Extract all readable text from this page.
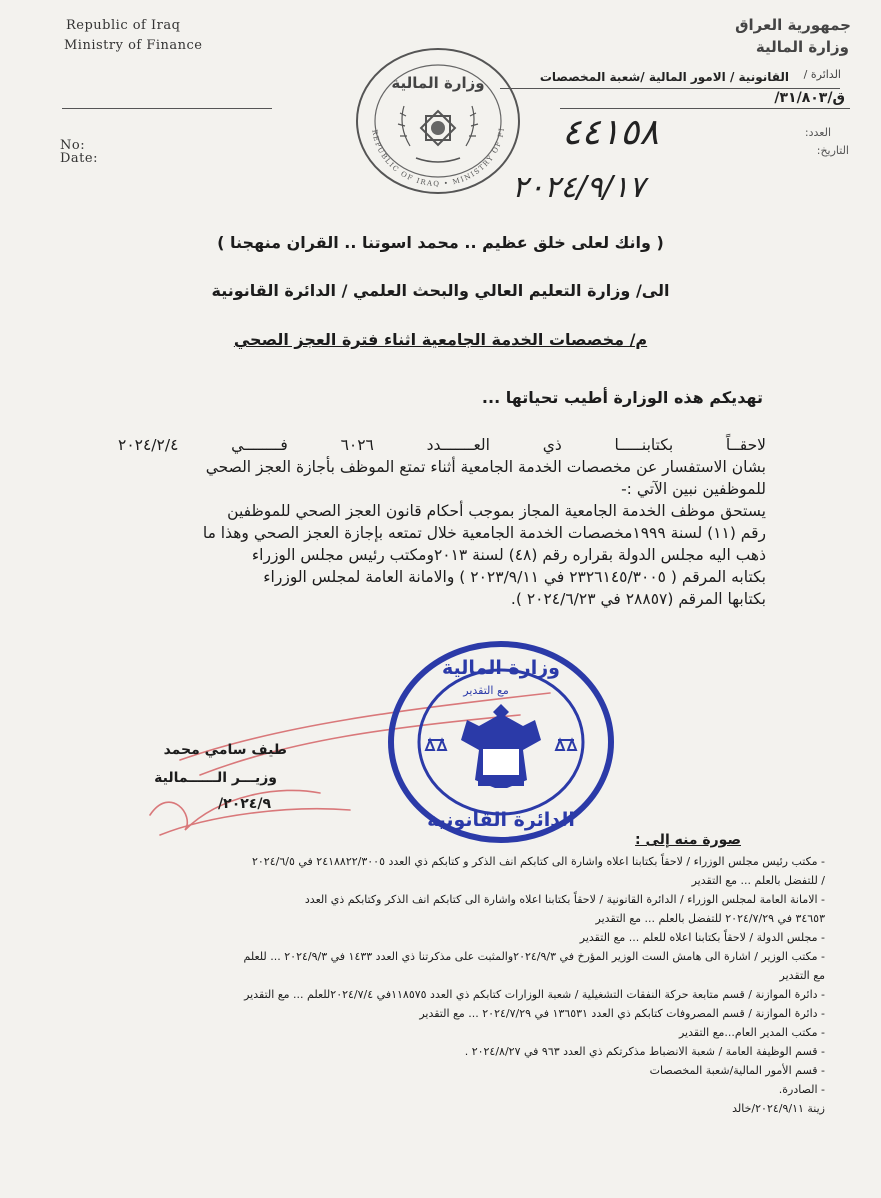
Republic of Iraq
Ministry of Finance
No:
Date:
REPUBLIC OF IRAQ • MINISTRY OF FI
وزارة المالية
جمهورية العراق
وزارة المالية
الدائرة /
القانونية / الامور المالية /شعبة المخصصات
ق/٣١/٨٠٣/
العدد:
التاريخ:
٤٤١٥٨
٢٠٢٤/٩/١٧
( وانك لعلى خلق عظيم .. محمد اسوتنا .. القران منهجنا )
الى/ وزارة التعليم العالي والبحث العلمي / الدائرة القانونية
م/ مخصصات الخدمة الجامعية اثناء فترة العجز الصحي
تهديكم هذه الوزارة أطيب تحياتها ...
لاحقــاً بكتابنـــــا ذي العـــــــدد ٦٠٢٦ فــــــــي ٢٠٢٤/٢/٤
بشان الاستفسار عن مخصصات الخدمة الجامعية أثناء تمتع الموظف بأجازة العجز الصحي
للموظفين نبين الآتي :-
يستحق موظف الخدمة الجامعية المجاز بموجب أحكام قانون العجز الصحي للموظفين
رقم (١١) لسنة ١٩٩٩مخصصات الخدمة الجامعية خلال تمتعه بإجازة العجز الصحي وهذا ما
ذهب اليه مجلس الدولة بقراره رقم (٤٨) لسنة ٢٠١٣ومكتب رئيس مجلس الوزراء
بكتابه المرقم ( ٢٣٢٦١٤٥/٣٠٠٥ في ٢٠٢٣/٩/١١ ) والامانة العامة لمجلس الوزراء
بكتابها المرقم (٢٨٨٥٧ في ٢٠٢٤/٦/٢٣ ).
وزارة المالية
مع التقدير
الدائرة القانونية
طيف سامي محمد
وزيـــر الــــــمالية
٢٠٢٤/٩/
صورة منه إلى :
- مكتب رئيس مجلس الوزراء / لاحقاً بكتابنا اعلاه واشارة الى كتابكم انف الذكر و كتابكم ذي العدد ٢٤١٨٨٢٢/٣٠٠٥ في ٢٠٢٤/٦/٥
/ للتفضل بالعلم ... مع التقدير
- الامانة العامة لمجلس الوزراء / الدائرة القانونية / لاحقاً بكتابنا اعلاه واشارة الى كتابكم انف الذكر وكتابكم ذي العدد
٣٤٦٥٣ في ٢٠٢٤/٧/٢٩ للتفضل بالعلم ... مع التقدير
- مجلس الدولة / لاحقاً بكتابنا اعلاه للعلم ... مع التقدير
- مكتب الوزير / اشارة الى هامش الست الوزير المؤرخ في ٢٠٢٤/٩/٣والمثبت على مذكرتنا ذي العدد ١٤٣٣ في ٢٠٢٤/٩/٣ ... للعلم
مع التقدير
- دائرة الموازنة / قسم متابعة حركة النفقات التشغيلية / شعبة الوزارات كتابكم ذي العدد ١١٨٥٧٥في ٢٠٢٤/٧/٤للعلم ... مع التقدير
- دائرة الموازنة / قسم المصروفات كتابكم ذي العدد ١٣٦٥٣١ في ٢٠٢٤/٧/٢٩ ... مع التقدير
- مكتب المدير العام...مع التقدير
- قسم الوظيفة العامة / شعبة الانضباط مذكرتكم ذي العدد ٩٦٣ في ٢٠٢٤/٨/٢٧ .
- قسم الأمور المالية/شعبة المخصصات
- الصادرة.
زينة ٢٠٢٤/٩/١١/خالد
